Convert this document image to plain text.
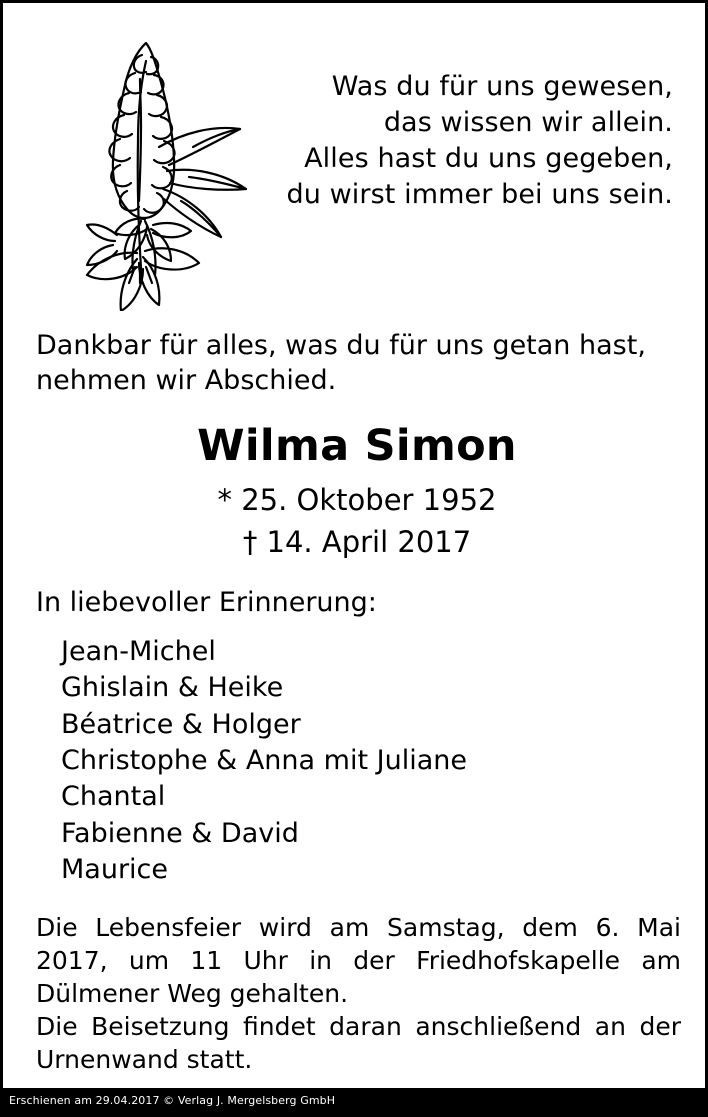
Was du für uns gewesen,
das wissen wir allein.
Alles hast du uns gegeben,
du wirst immer bei uns sein.
Dankbar für alles, was du für uns getan hast, nehmen wir Abschied.
Wilma Simon
* 25. Oktober 1952
† 14. April 2017
In liebevoller Erinnerung:
Jean-Michel
Ghislain & Heike
Béatrice & Holger
Christophe & Anna mit Juliane
Chantal
Fabienne & David
Maurice

Die Lebensfeier wird am Samstag, dem 6. Mai 2017, um 11 Uhr in der Friedhofskapelle am Dülmener Weg gehalten.

Die Beisetzung findet daran anschließend an der Urnenwand statt.

Erschienen am 29.04.2017 © Verlag J. Mergelsberg GmbH
